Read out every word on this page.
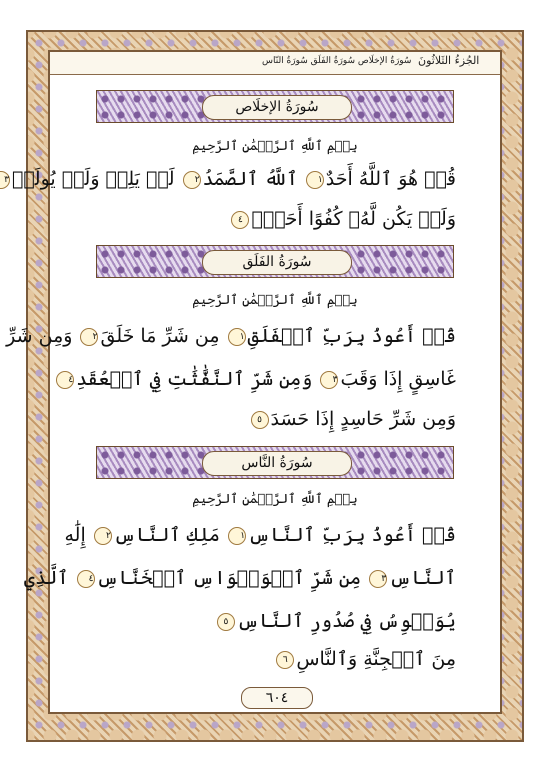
الجُزءُ الثَلاثُونَ
سُورَةُ الإخلَاص سُورَةُ الفَلَق سُورَةُ النّاس
سُورَةُ الإخلَاص
بِسۡمِ ٱللَّهِ ٱلرَّحۡمَٰنِ ٱلرَّحِيمِ
قُلۡ هُوَ ٱللَّهُ أَحَدٌ١ ٱللَّهُ ٱلصَّمَدُ٢ لَمۡ يَلِدۡ وَلَمۡ يُولَدۡ٣
وَلَمۡ يَكُن لَّهُۥ كُفُوًا أَحَدُۢ٤
سُورَةُ الفَلَق
بِسۡمِ ٱللَّهِ ٱلرَّحۡمَٰنِ ٱلرَّحِيمِ
قُلۡ أَعُوذُ بِرَبِّ ٱلۡفَلَقِ١ مِن شَرِّ مَا خَلَقَ٢ وَمِن شَرِّ
غَاسِقٍ إِذَا وَقَبَ٣ وَمِن شَرِّ ٱلنَّفَّٰثَٰتِ فِي ٱلۡعُقَدِ٤
وَمِن شَرِّ حَاسِدٍ إِذَا حَسَدَ٥
سُورَةُ النَّاس
بِسۡمِ ٱللَّهِ ٱلرَّحۡمَٰنِ ٱلرَّحِيمِ
قُلۡ أَعُوذُ بِرَبِّ ٱلنَّاسِ١ مَلِكِ ٱلنَّاسِ٢ إِلَٰهِ
ٱلنَّاسِ٣ مِن شَرِّ ٱلۡوَسۡوَاسِ ٱلۡخَنَّاسِ٤ ٱلَّذِي
يُوَسۡوِسُ فِي صُدُورِ ٱلنَّاسِ٥
مِنَ ٱلۡجِنَّةِ وَٱلنَّاسِ٦
٦٠٤
